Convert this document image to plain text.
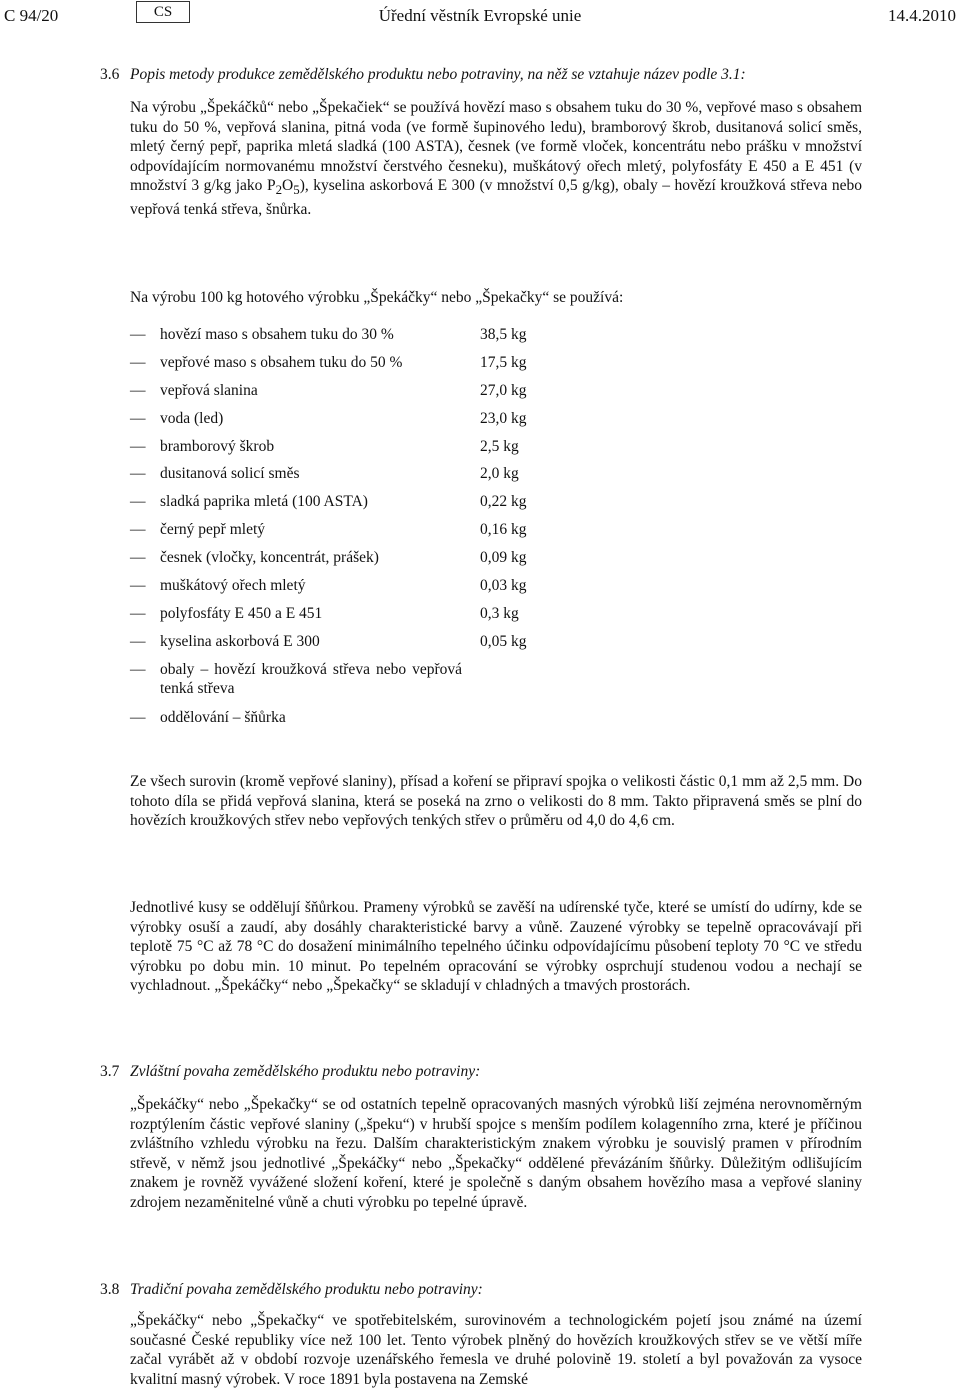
C 94/20	CS	Úřední věstník Evropské unie	14.4.2010
3.6 Popis metody produkce zemědělského produktu nebo potraviny, na něž se vztahuje název podle 3.1:

Na výrobu „Špekáčků“ nebo „Špekačiek“ se používá hovězí maso s obsahem tuku do 30 %, vepřové maso s obsahem tuku do 50 %, vepřová slanina, pitná voda (ve formě šupinového ledu), bramborový škrob, dusitanová solicí směs, mletý černý pepř, paprika mletá sladká (100 ASTA), česnek (ve formě vloček, koncentrátu nebo prášku v množství odpovídajícím normovanému množství čerstvého česneku), muškátový ořech mletý, polyfosfáty E 450 a E 451 (v množství 3 g/kg jako $P_2O_5$), kyselina askorbová E 300 (v množství 0,5 g/kg), obaly – hovězí kroužková střeva nebo vepřová tenká střeva, šnůrka.

Na výrobu 100 kg hotového výrobku „Špekáčky“ nebo „Špekačky“ se používá:

— hovězí maso s obsahem tuku do 30 %	38,5 kg
— vepřové maso s obsahem tuku do 50 %	17,5 kg
— vepřová slanina	27,0 kg
— voda (led)	23,0 kg
— bramborový škrob	2,5 kg
— dusitanová solicí směs	2,0 kg
— sladká paprika mletá (100 ASTA)	0,22 kg
— černý pepř mletý	0,16 kg
— česnek (vločky, koncentrát, prášek)	0,09 kg
— muškátový ořech mletý	0,03 kg
— polyfosfáty E 450 a E 451	0,3 kg
— kyselina askorbová E 300	0,05 kg
— obaly – hovězí kroužková střeva nebo vepřová tenká střeva
— oddělování – šňůrka

Ze všech surovin (kromě vepřové slaniny), přísad a koření se připraví spojka o velikosti částic 0,1 mm až 2,5 mm. Do tohoto díla se přidá vepřová slanina, která se poseká na zrno o velikosti do 8 mm. Takto připravená směs se plní do hovězích kroužkových střev nebo vepřových tenkých střev o průměru od 4,0 do 4,6 cm.

Jednotlivé kusy se oddělují šňůrkou. Prameny výrobků se zavěší na udírenské tyče, které se umístí do udírny, kde se výrobky osuší a zaudí, aby dosáhly charakteristické barvy a vůně. Zauzené výrobky se tepelně opracovávají při teplotě 75 °C až 78 °C do dosažení minimálního tepelného účinku odpovídajícímu působení teploty 70 °C ve středu výrobku po dobu min. 10 minut. Po tepelném opracování se výrobky osprchují studenou vodou a nechají se vychladnout. „Špekáčky“ nebo „Špekačky“ se skladují v chladných a tmavých prostorách.

3.7 Zvláštní povaha zemědělského produktu nebo potraviny:

„Špekáčky“ nebo „Špekačky“ se od ostatních tepelně opracovaných masných výrobků liší zejména nerovnoměrným rozptýlením částic vepřové slaniny („špeku“) v hrubší spojce s menším podílem kolagenního zrna, které je příčinou zvláštního vzhledu výrobku na řezu. Dalším charakteristickým znakem výrobku je souvislý pramen v přírodním střevě, v němž jsou jednotlivé „Špekáčky“ nebo „Špekačky“ oddělené převázáním šňůrky. Důležitým odlišujícím znakem je rovněž vyvážené složení koření, které je společně s daným obsahem hovězího masa a vepřové slaniny zdrojem nezaměnitelné vůně a chuti výrobku po tepelné úpravě.

3.8 Tradiční povaha zemědělského produktu nebo potraviny:

„Špekáčky“ nebo „Špekačky“ ve spotřebitelském, surovinovém a technologickém pojetí jsou známé na území současné České republiky více než 100 let. Tento výrobek plněný do hovězích kroužkových střev se ve větší míře začal vyrábět až v období rozvoje uzenářského řemesla ve druhé polovině 19. století a byl považován za vysoce kvalitní masný výrobek. V roce 1891 byla postavena na Zemské
